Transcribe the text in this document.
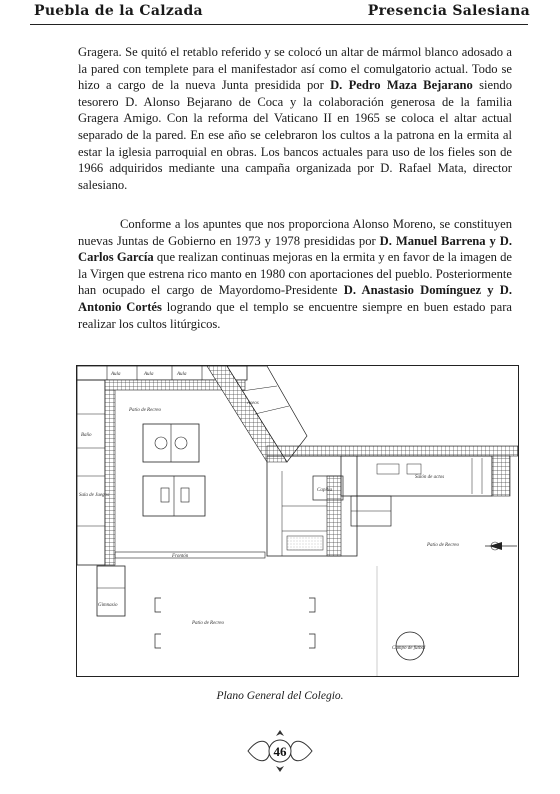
Puebla de la Calzada	Presencia Salesiana

Gragera. Se quitó el retablo referido y se colocó un altar de mármol blanco adosado a la pared con templete para el manifestador así como el comulgatorio actual. Todo se hizo a cargo de la nueva Junta presidida por D. Pedro Maza Bejarano siendo tesorero D. Alonso Bejarano de Coca y la colaboración generosa de la familia Gragera Amigo. Con la reforma del Vaticano II en 1965 se coloca el altar actual separado de la pared. En ese año se celebraron los cultos a la patrona en la ermita al estar la iglesia parroquial en obras. Los bancos actuales para uso de los fieles son de 1966 adquiridos mediante una campaña organizada por D. Rafael Mata, director salesiano.

Conforme a los apuntes que nos proporciona Alonso Moreno, se constituyen nuevas Juntas de Gobierno en 1973 y 1978 presididas por D. Manuel Barrena y D. Carlos García que realizan continuas mejoras en la ermita y en favor de la imagen de la Virgen que estrena rico manto en 1980 con aportaciones del pueblo. Posteriormente han ocupado el cargo de Mayordomo-Presidente D. Anastasio Domínguez y D. Antonio Cortés logrando que el templo se encuentre siempre en buen estado para realizar los cultos litúrgicos.

Patio de Recreo
Patio de Recreo
Patio de Recreo
Capilla
Salón de actos
Campo de fútbol
Aula	Aula	Aula
Aseos
Baño
Sala de Juegos
Frontón
Gimnasio
Plano General del Colegio.
46
